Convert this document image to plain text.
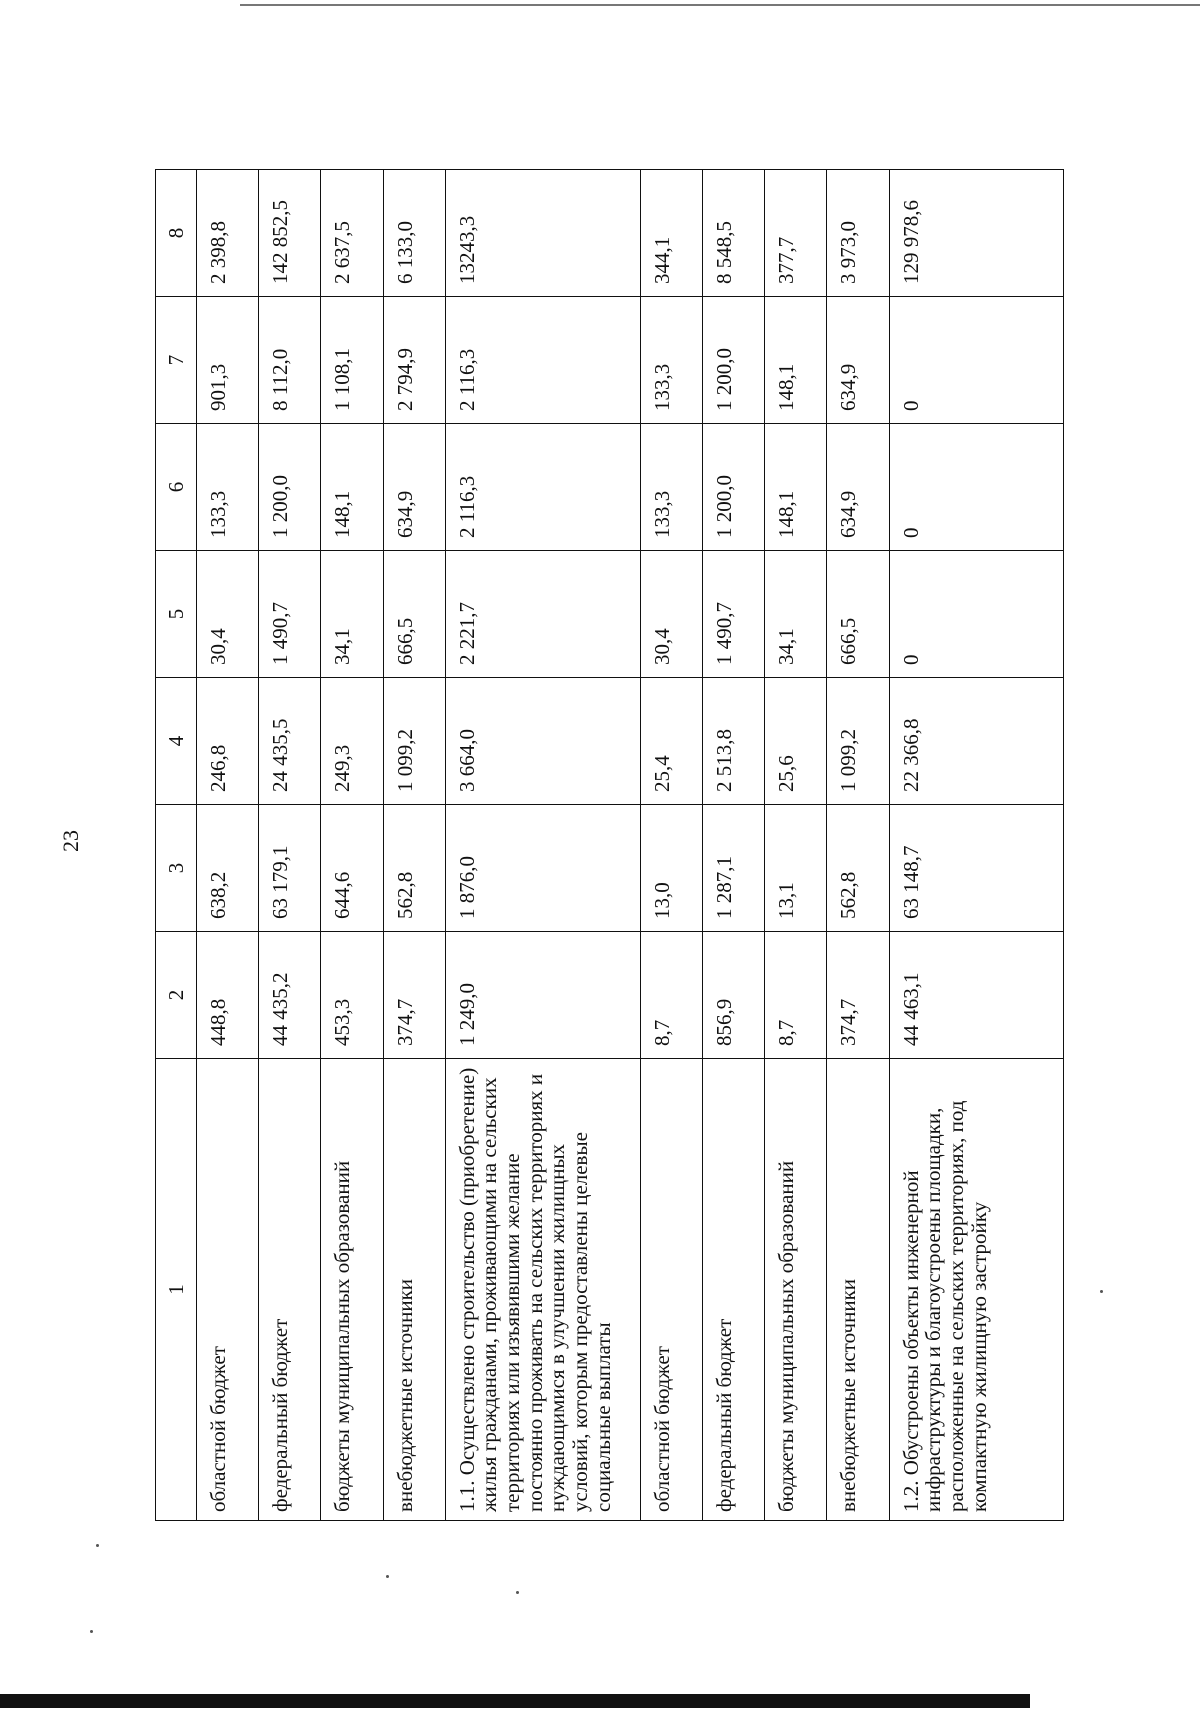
23
1	2	3	4	5	6	7	8
областной бюджет	448,8	638,2	246,8	30,4	133,3	901,3	2 398,8
федеральный бюджет	44 435,2	63 179,1	24 435,5	1 490,7	1 200,0	8 112,0	142 852,5
бюджеты муниципальных образований	453,3	644,6	249,3	34,1	148,1	1 108,1	2 637,5
внебюджетные источники	374,7	562,8	1 099,2	666,5	634,9	2 794,9	6 133,0
1.1. Осуществлено строительство (приобретение) жилья гражданами, проживающими на сельских территориях или изъявившими желание постоянно проживать на сельских территориях и нуждающимися в улучшении жилищных условий, которым предоставлены целевые социальные выплаты	1 249,0	1 876,0	3 664,0	2 221,7	2 116,3	2 116,3	13243,3
областной бюджет	8,7	13,0	25,4	30,4	133,3	133,3	344,1
федеральный бюджет	856,9	1 287,1	2 513,8	1 490,7	1 200,0	1 200,0	8 548,5
бюджеты муниципальных образований	8,7	13,1	25,6	34,1	148,1	148,1	377,7
внебюджетные источники	374,7	562,8	1 099,2	666,5	634,9	634,9	3 973,0
1.2. Обустроены объекты инженерной инфраструктуры и благоустроены площадки, расположенные на сельских территориях, под компактную жилищную застройку	44 463,1	63 148,7	22 366,8	0	0	0	129 978,6
